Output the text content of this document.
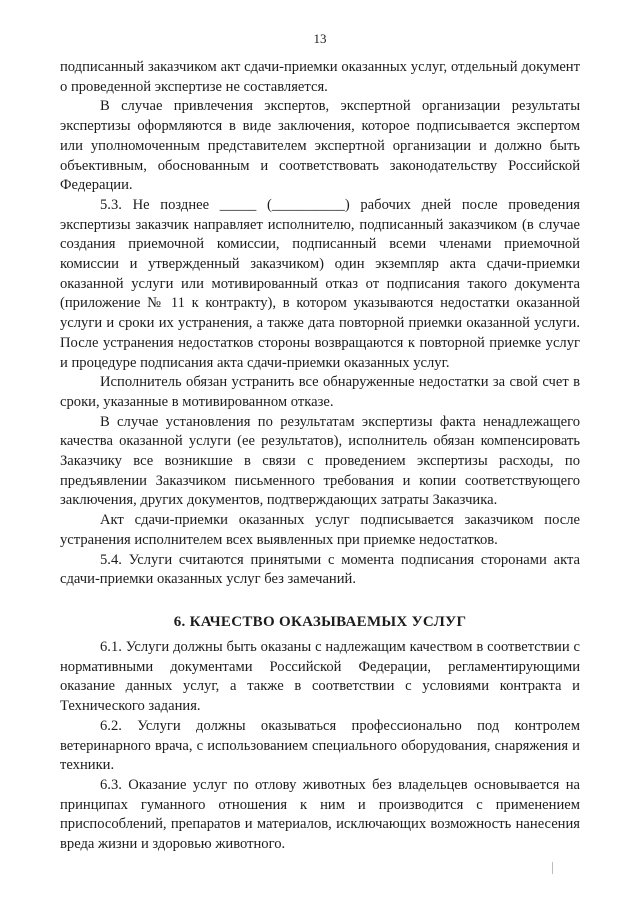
13

подписанный заказчиком акт сдачи-приемки оказанных услуг, отдельный документ о проведенной экспертизе не составляется.

В случае привлечения экспертов, экспертной организации результаты экспертизы оформляются в виде заключения, которое подписывается экспертом или уполномоченным представителем экспертной организации и должно быть объективным, обоснованным и соответствовать законодательству Российской Федерации.

5.3. Не позднее _____ (__________) рабочих дней после проведения экспертизы заказчик направляет исполнителю, подписанный заказчиком (в случае создания приемочной комиссии, подписанный всеми членами приемочной комиссии и утвержденный заказчиком) один экземпляр акта сдачи-приемки оказанной услуги или мотивированный отказ от подписания такого документа (приложение № 11 к контракту), в котором указываются недостатки оказанной услуги и сроки их устранения, а также дата повторной приемки оказанной услуги. После устранения недостатков стороны возвращаются к повторной приемке услуг и процедуре подписания акта сдачи-приемки оказанных услуг.

Исполнитель обязан устранить все обнаруженные недостатки за свой счет в сроки, указанные в мотивированном отказе.

В случае установления по результатам экспертизы факта ненадлежащего качества оказанной услуги (ее результатов), исполнитель обязан компенсировать Заказчику все возникшие в связи с проведением экспертизы расходы, по предъявлении Заказчиком письменного требования и копии соответствующего заключения, других документов, подтверждающих затраты Заказчика.

Акт сдачи-приемки оказанных услуг подписывается заказчиком после устранения исполнителем всех выявленных при приемке недостатков.

5.4. Услуги считаются принятыми с момента подписания сторонами акта сдачи-приемки оказанных услуг без замечаний.

6. КАЧЕСТВО ОКАЗЫВАЕМЫХ УСЛУГ

6.1. Услуги должны быть оказаны с надлежащим качеством в соответствии с нормативными документами Российской Федерации, регламентирующими оказание данных услуг, а также в соответствии с условиями контракта и Технического задания.

6.2. Услуги должны оказываться профессионально под контролем ветеринарного врача, с использованием специального оборудования, снаряжения и техники.

6.3. Оказание услуг по отлову животных без владельцев основывается на принципах гуманного отношения к ним и производится с применением приспособлений, препаратов и материалов, исключающих возможность нанесения вреда жизни и здоровью животного.
